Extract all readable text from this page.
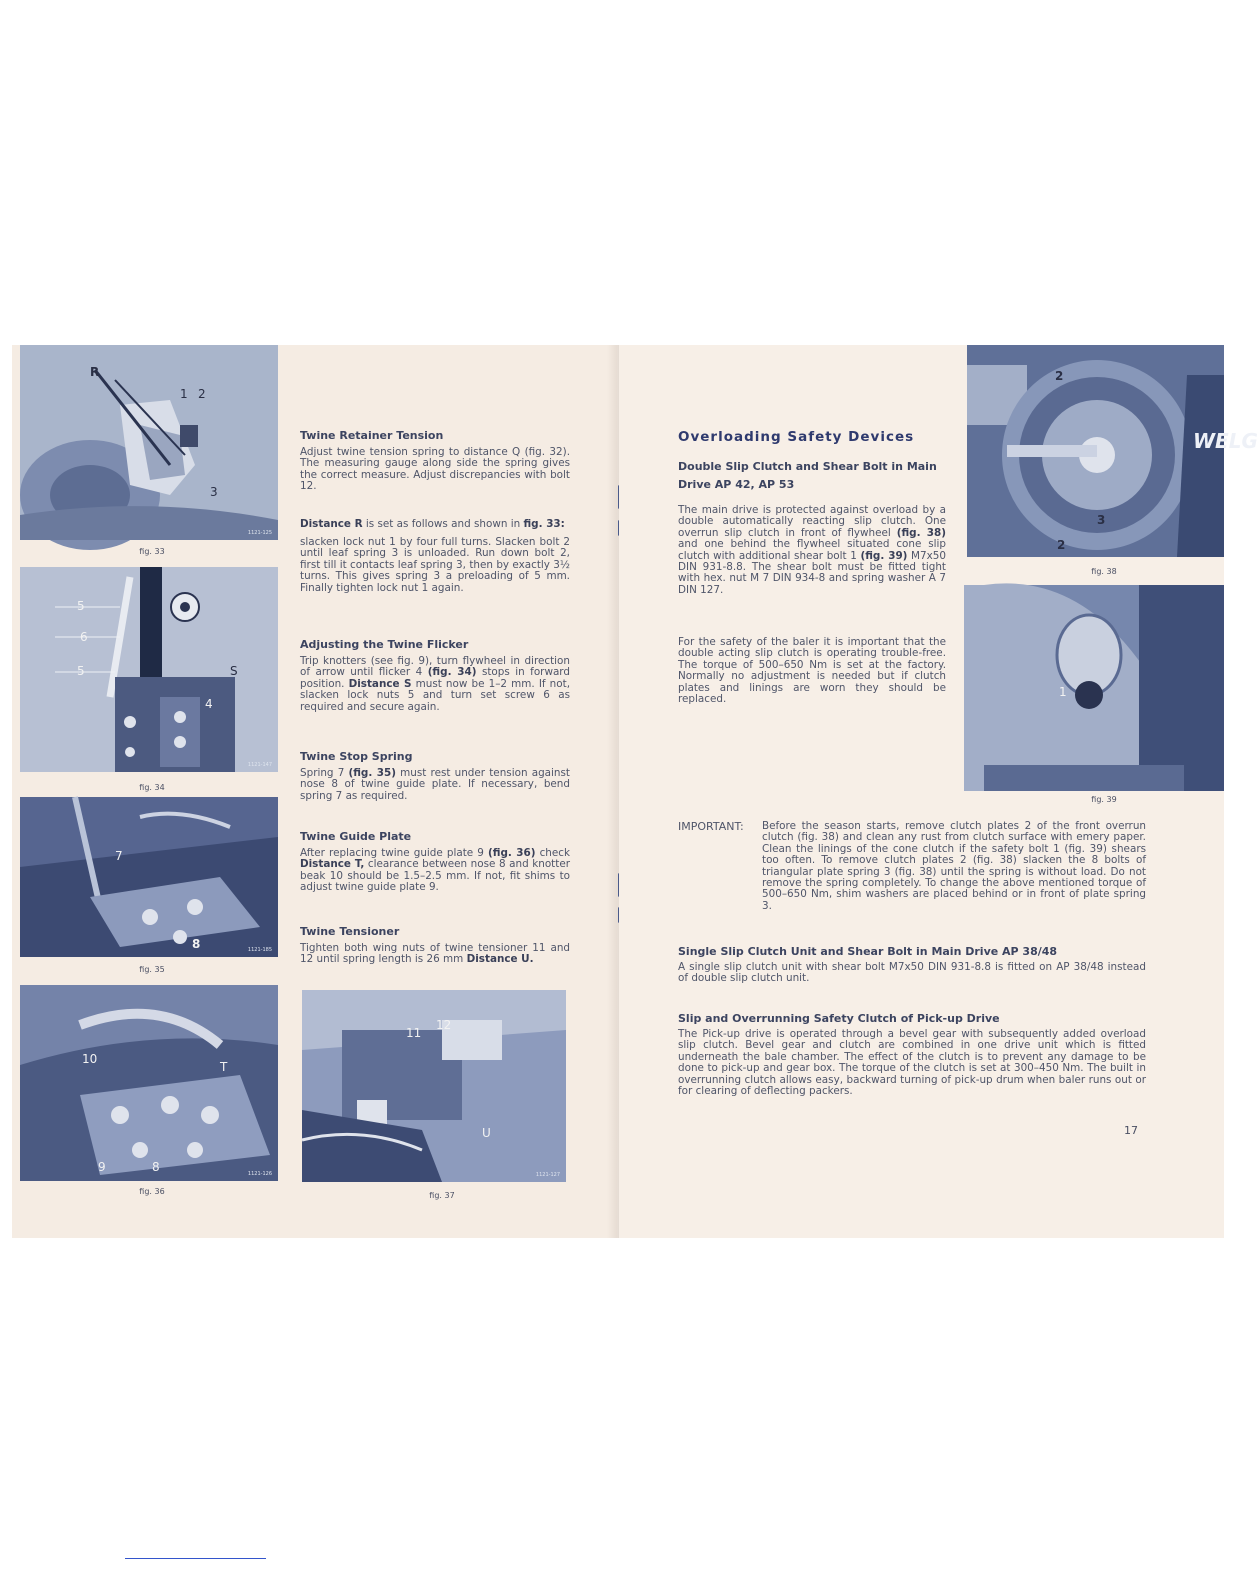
R
1 2
3
1121-125
fig. 33
5
6
5	S
4
1121-147
fig. 34
7
8	1121-185
fig. 35
10
T
9	8	1121-126
fig. 36
11
12
U
1121-127
fig. 37
Twine Retainer Tension
Adjust twine tension spring to distance Q (fig. 32). The measuring gauge along side the spring gives the correct measure. Adjust discrepancies with bolt 12.
Distance R is set as follows and shown in fig. 33:
slacken lock nut 1 by four full turns. Slacken bolt 2 until leaf spring 3 is unloaded. Run down bolt 2, first till it contacts leaf spring 3, then by exactly 3½ turns. This gives spring 3 a preloading of 5 mm. Finally tighten lock nut 1 again.
Adjusting the Twine Flicker
Trip knotters (see fig. 9), turn flywheel in direction of arrow until flicker 4 (fig. 34) stops in forward position. Distance S must now be 1–2 mm. If not, slacken lock nuts 5 and turn set screw 6 as required and secure again.
Twine Stop Spring
Spring 7 (fig. 35) must rest under tension against nose 8 of twine guide plate. If necessary, bend spring 7 as required.
Twine Guide Plate
After replacing twine guide plate 9 (fig. 36) check Distance T, clearance between nose 8 and knotter beak 10 should be 1.5–2.5 mm. If not, fit shims to adjust twine guide plate 9.
Twine Tensioner
Tighten both wing nuts of twine tensioner 11 and 12 until spring length is 26 mm Distance U.
Overloading Safety Devices
Double Slip Clutch and Shear Bolt in Main Drive AP 42, AP 53
The main drive is protected against overload by a double automatically reacting slip clutch. One overrun slip clutch in front of flywheel (fig. 38) and one behind the flywheel situated cone slip clutch with additional shear bolt 1 (fig. 39) M7x50 DIN 931-8.8. The shear bolt must be fitted tight with hex. nut M 7 DIN 934-8 and spring washer A 7 DIN 127.
For the safety of the baler it is important that the double acting slip clutch is operating trouble-free. The torque of 500–650 Nm is set at the factory. Normally no adjustment is needed but if clutch plates and linings are worn they should be replaced.
WELG
2
3
2
fig. 38
1
fig. 39
IMPORTANT:	Before the season starts, remove clutch plates 2 of the front overrun clutch (fig. 38) and clean any rust from clutch surface with emery paper. Clean the linings of the cone clutch if the safety bolt 1 (fig. 39) shears too often. To remove clutch plates 2 (fig. 38) slacken the 8 bolts of triangular plate spring 3 (fig. 38) until the spring is without load. Do not remove the spring completely. To change the above mentioned torque of 500–650 Nm, shim washers are placed behind or in front of plate spring 3.
Single Slip Clutch Unit and Shear Bolt in Main Drive AP 38/48
A single slip clutch unit with shear bolt M7x50 DIN 931-8.8 is fitted on AP 38/48 instead of double slip clutch unit.
Slip and Overrunning Safety Clutch of Pick-up Drive
The Pick-up drive is operated through a bevel gear with subsequently added overload slip clutch. Bevel gear and clutch are combined in one drive unit which is fitted underneath the bale chamber. The effect of the clutch is to prevent any damage to be done to pick-up and gear box. The torque of the clutch is set at 300–450 Nm. The built in overrunning clutch allows easy, backward turning of pick-up drum when baler runs out or for clearing of deflecting packers.
17
